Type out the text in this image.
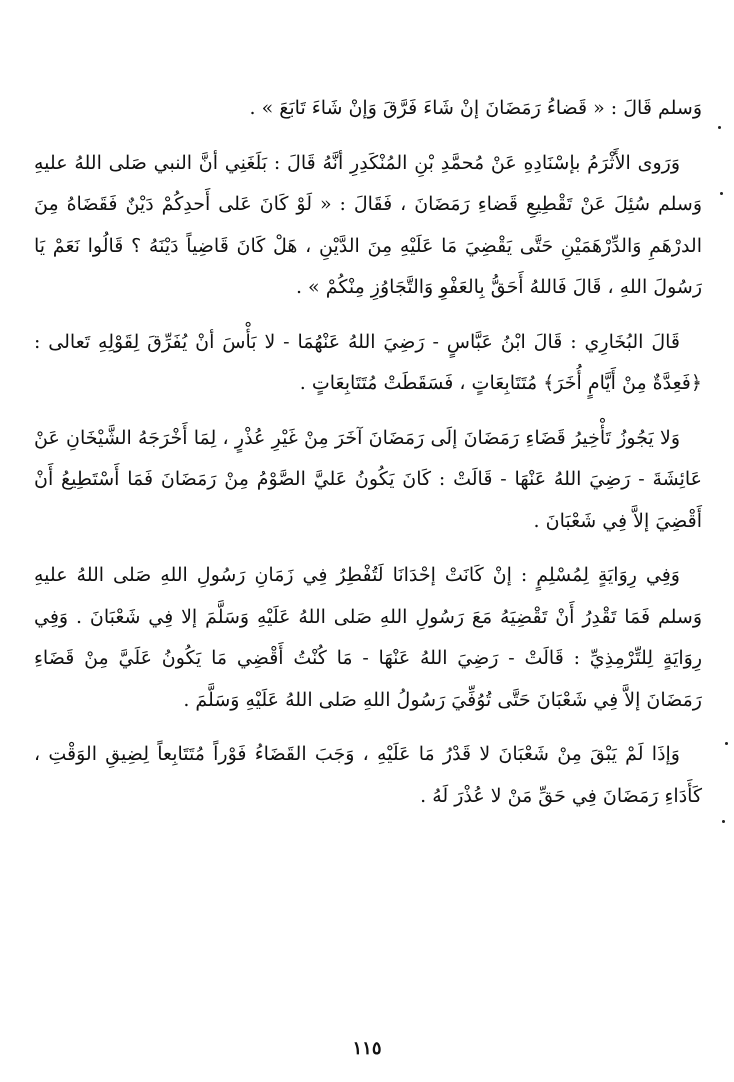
وَسلم قَالَ : « قَضاءُ رَمَضَانَ إنْ شَاءَ فَرَّقَ وَإنْ شَاءَ تَابَعَ » .

وَرَوى الأَثْرَمُ بإسْنَادِهِ عَنْ مُحمَّدِ بْنِ المُنْكَدِرِ أنَّهُ قَالَ : بَلَغَنِي أنَّ النبي صَلى اللهُ عليهِ وَسلم سُئِلَ عَنْ تَقْطِيعِ قَضاءِ رَمَضَانَ ، فَقَالَ : « لَوْ كَانَ عَلى أَحدِكُمْ دَيْنٌ فَقَضَاهُ مِنَ الدرْهَمِ وَالدِّرْهَمَيْنِ حَتَّى يَقْضِيَ مَا عَلَيْهِ مِنَ الدَّيْنِ ، هَلْ كَانَ قَاضِياً دَيْنَهُ ؟ قَالُوا نَعَمْ يَا رَسُولَ اللهِ ، قَالَ فَاللهُ أَحَقُّ بِالعَفْوِ وَالتَّجَاوُزِ مِنْكُمْ » .

قَالَ البُخَارِي : قَالَ ابْنُ عَبَّاسٍ - رَضِيَ اللهُ عَنْهُمَا - لا بَأْسَ أنْ يُفَرِّقَ لِقَوْلِهِ تَعالى : ﴿فَعِدَّةٌ مِنْ أَيَّامٍ أُخَرَ﴾ مُتَتَابِعَاتٍ ، فَسَقَطَتْ مُتَتَابِعَاتٍ .

وَلا يَجُوزُ تَأْخِيرُ قَضَاءِ رَمَضَانَ إلَى رَمَضَانَ آخَرَ مِنْ غَيْرِ عُذْرٍ ، لِمَا أَخْرَجَهُ الشَّيْخَانِ عَنْ عَائِشَةَ - رَضِيَ اللهُ عَنْهَا - قَالَتْ : كَانَ يَكُونُ عَليَّ الصَّوْمُ مِنْ رَمَضَانَ فَمَا أَسْتَطِيعُ أَنْ أَقْضِيَ إلاَّ فِي شَعْبَانَ .

وَفِي رِوَايَةٍ لِمُسْلِمٍ : إنْ كَانَتْ إحْدَانَا لَتُفْطِرُ فِي زَمَانِ رَسُولِ اللهِ صَلى اللهُ عليهِ وَسلم فَمَا تَقْدِرُ أَنْ تَقْضِيَهُ مَعَ رَسُولِ اللهِ صَلى اللهُ عَلَيْهِ وَسَلَّمَ إلا فِي شَعْبَانَ . وَفِي رِوَايَةٍ لِلتِّرْمِذِيِّ : قَالَتْ - رَضِيَ اللهُ عَنْهَا - مَا كُنْتُ أَقْضِي مَا يَكُونُ عَلَيَّ مِنْ قَضَاءِ رَمَضَانَ إلاَّ فِي شَعْبَانَ حَتَّى تُوُفِّيَ رَسُولُ اللهِ صَلى اللهُ عَلَيْهِ وَسَلَّمَ .

وَإذَا لَمْ يَبْقَ مِنْ شَعْبَانَ لا قَدْرُ مَا عَلَيْهِ ، وَجَبَ القَضَاءُ فَوْراً مُتَتَابِعاً لِضِيقِ الوَقْتِ ، كَأَدَاءِ رَمَضَانَ فِي حَقِّ مَنْ لا عُذْرَ لَهُ .

١١٥
